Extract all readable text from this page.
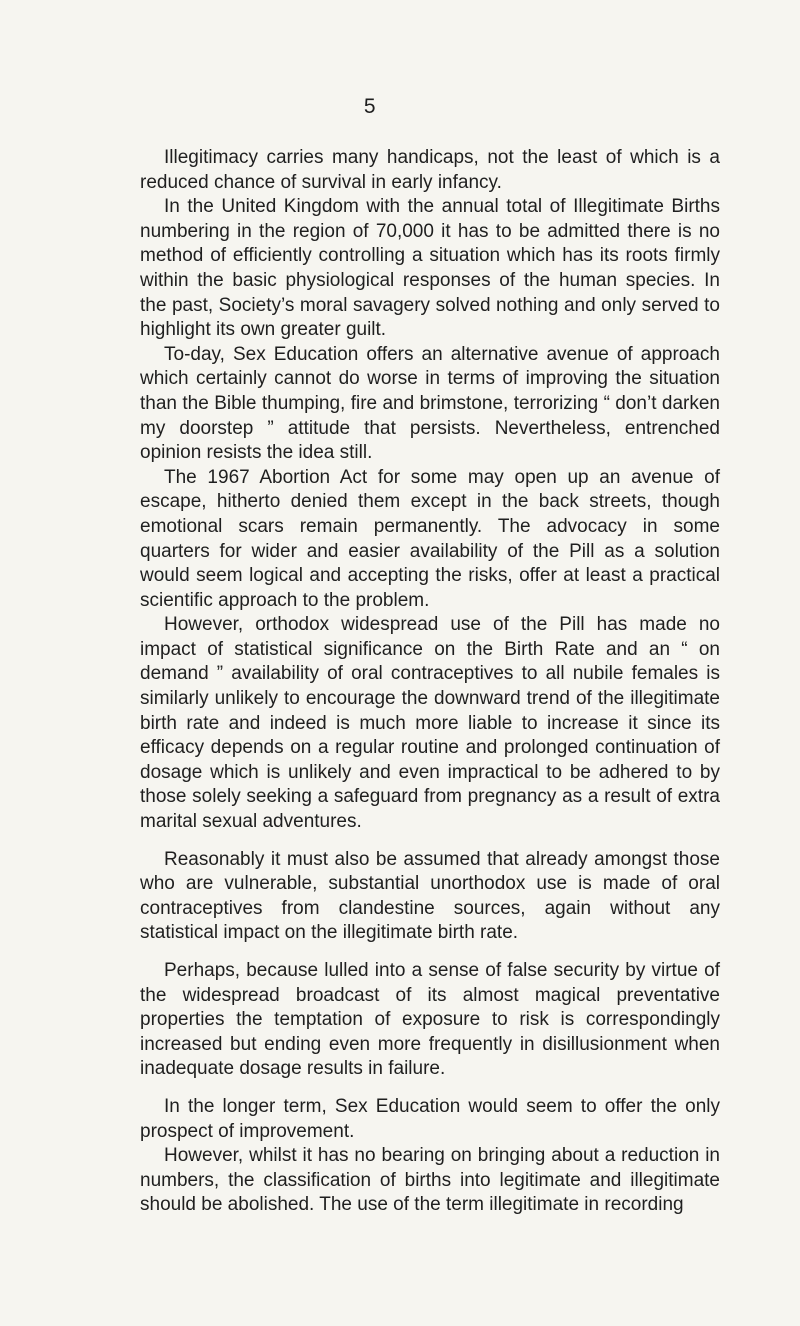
5

Illegitimacy carries many handicaps, not the least of which is a reduced chance of survival in early infancy.

In the United Kingdom with the annual total of Illegitimate Births numbering in the region of 70,000 it has to be admitted there is no method of efficiently controlling a situation which has its roots firmly within the basic physiological responses of the human species. In the past, Society’s moral savagery solved nothing and only served to highlight its own greater guilt.

To-day, Sex Education offers an alternative avenue of approach which certainly cannot do worse in terms of improving the situation than the Bible thumping, fire and brimstone, terrorizing “ don’t darken my doorstep ” attitude that persists. Nevertheless, entrenched opinion resists the idea still.

The 1967 Abortion Act for some may open up an avenue of escape, hitherto denied them except in the back streets, though emotional scars remain permanently. The advocacy in some quarters for wider and easier availability of the Pill as a solution would seem logical and accepting the risks, offer at least a practical scientific approach to the problem.

However, orthodox widespread use of the Pill has made no impact of statistical significance on the Birth Rate and an “ on demand ” availability of oral contraceptives to all nubile females is similarly unlikely to encourage the downward trend of the illegitimate birth rate and indeed is much more liable to increase it since its efficacy depends on a regular routine and prolonged continuation of dosage which is unlikely and even impractical to be adhered to by those solely seeking a safeguard from pregnancy as a result of extra marital sexual adventures.

Reasonably it must also be assumed that already amongst those who are vulnerable, substantial unorthodox use is made of oral contraceptives from clandestine sources, again without any statistical impact on the illegitimate birth rate.

Perhaps, because lulled into a sense of false security by virtue of the widespread broadcast of its almost magical preventative properties the temptation of exposure to risk is correspondingly increased but ending even more frequently in disillusionment when inadequate dosage results in failure.

In the longer term, Sex Education would seem to offer the only prospect of improvement.

However, whilst it has no bearing on bringing about a reduction in numbers, the classification of births into legitimate and illegitimate should be abolished. The use of the term illegitimate in recording
